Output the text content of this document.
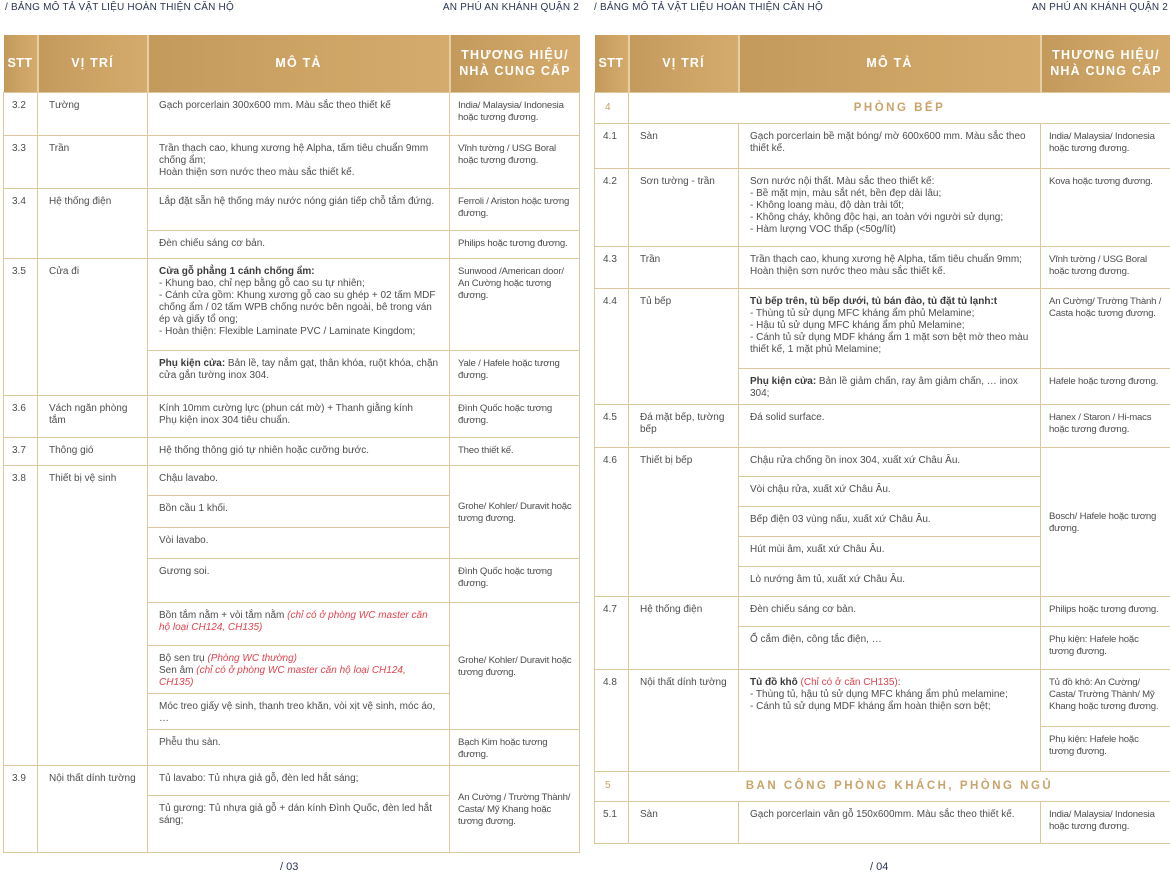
/ BẢNG MÔ TẢ VẬT LIỆU HOÀN THIỆN CĂN HỘ	AN PHÚ AN KHÁNH QUẬN 2
STT	VỊ TRÍ	MÔ TẢ	THƯƠNG HIỆU/
NHÀ CUNG CẤP

3.2	Tường	Gạch porcerlain 300x600 mm. Màu sắc theo thiết kế	India/ Malaysia/ Indonesia hoặc tương đương.
3.3	Trần	Trần thạch cao, khung xương hệ Alpha, tấm tiêu chuẩn 9mm chống ẩm;
Hoàn thiện sơn nước theo màu sắc thiết kế.	Vĩnh tường / USG Boral hoặc tương đương.
3.4	Hệ thống điện	Lắp đặt sẵn hệ thống máy nước nóng gián tiếp chỗ tắm đứng.	Ferroli / Ariston hoặc tương đương.
		Đèn chiếu sáng cơ bản.	Philips hoặc tương đương.
3.5	Cửa đi	Cửa gỗ phẳng 1 cánh chống ẩm:
- Khung bao, chỉ nẹp bằng gỗ cao su tự nhiên;
- Cánh cửa gồm: Khung xương gỗ cao su ghép + 02 tấm MDF chống ẩm / 02 tấm WPB chống nước bên ngoài, bê trong ván ép và giấy tổ ong;
- Hoàn thiện: Flexible Laminate PVC / Laminate Kingdom;	Sunwood /American door/ An Cường hoặc tương đương.
		Phụ kiện cửa: Bản lề, tay nắm gạt, thân khóa, ruột khóa, chặn cửa gắn tường inox 304.	Yale / Hafele hoặc tương đương.
3.6	Vách ngăn phòng tắm	Kính 10mm cường lực (phun cát mờ) + Thanh giằng kính
Phụ kiện inox 304 tiêu chuẩn.	Đình Quốc hoặc tương đương.
3.7	Thông gió	Hệ thống thông gió tự nhiên hoặc cưỡng bước.	Theo thiết kế.
3.8	Thiết bị vệ sinh	Chậu lavabo.	Grohe/ Kohler/ Duravit hoặc tương đương.
		Bồn cầu 1 khối.	
		Vòi lavabo.	
		Gương soi.	Đình Quốc hoặc tương đương.
		Bồn tắm nằm + vòi tắm nằm (chỉ có ở phòng WC master căn hộ loại CH124, CH135)	Grohe/ Kohler/ Duravit hoặc tương đương.

		Bộ sen trụ (Phòng WC thường)
Sen âm (chỉ có ở phòng WC master căn hộ loại CH124, CH135)	

		Móc treo giấy vệ sinh, thanh treo khăn, vòi xịt vệ sinh, móc áo, …	
		Phễu thu sàn.	Bạch Kim hoặc tương đương.
3.9	Nội thất dính tường	Tủ lavabo: Tủ nhựa giả gỗ, đèn led hắt sáng;	An Cường / Trường Thành/ Casta/ Mỹ Khang hoặc tương đương.
		Tủ gương: Tủ nhựa giả gỗ + dán kính Đình Quốc, đèn led hắt sáng;	
/ 03
/ BẢNG MÔ TẢ VẬT LIỆU HOÀN THIỆN CĂN HỘ	AN PHÚ AN KHÁNH QUẬN 2
STT	VỊ TRÍ	MÔ TẢ	THƯƠNG HIỆU/
NHÀ CUNG CẤP

4	PHÒNG BẾP		
4.1	Sàn	Gạch porcerlain bề mặt bóng/ mờ 600x600 mm. Màu sắc theo thiết kế.	India/ Malaysia/ Indonesia hoặc tương đương.
4.2	Sơn tường - trần	Sơn nước nội thất. Màu sắc theo thiết kế:
- Bề mặt mịn, màu sắt nét, bền đẹp dài lâu;
- Không loang màu, độ dàn trải tốt;
- Không cháy, không độc hại, an toàn với người sử dụng;
- Hàm lượng VOC thấp (<50g/lít)	Kova hoặc tương đương.
4.3	Trần	Trần thạch cao, khung xương hệ Alpha, tấm tiêu chuẩn 9mm;
Hoàn thiện sơn nước theo màu sắc thiết kế.	Vĩnh tường / USG Boral hoặc tương đương.
4.4	Tủ bếp	Tủ bếp trên, tủ bếp dưới, tủ bán đảo, tủ đặt tủ lạnh:t
- Thùng tủ sử dụng MFC kháng ẩm phủ Melamine;
- Hậu tủ sử dụng MFC kháng ẩm phủ Melamine;
- Cánh tủ sử dụng MDF kháng ẩm 1 mặt sơn bệt mờ theo màu thiết kế, 1 mặt phủ Melamine;	An Cường/ Trường Thành / Casta hoặc tương đương.
		Phụ kiện cửa: Bản lề giảm chấn, ray âm giảm chấn, … inox 304;	Hafele hoặc tương đương.
4.5	Đá mặt bếp, tường bếp	Đá solid surface.	Hanex / Staron / Hi-macs hoặc tương đương.
4.6	Thiết bị bếp	Chậu rửa chống ồn inox 304, xuất xứ Châu Âu.	Bosch/ Hafele hoặc tương đương.
		Vòi chậu rửa, xuất xứ Châu Âu.	
		Bếp điện 03 vùng nấu, xuất xứ Châu Âu.	
		Hút mùi âm, xuất xứ Châu Âu.	
		Lò nướng âm tủ, xuất xứ Châu Âu.	
4.7	Hệ thống điện	Đèn chiếu sáng cơ bản.	Philips hoặc tương đương.
		Ổ cắm điện, công tắc điện, …	Phụ kiện: Hafele hoặc tương đương.
4.8	Nội thất dính tường	Tủ đồ khô (Chỉ có ở căn CH135):
- Thùng tủ, hậu tủ sử dụng MFC kháng ẩm phủ melamine;
- Cánh tủ sử dụng MDF kháng ẩm hoàn thiện sơn bệt;	Tủ đồ khô: An Cường/ Casta/ Trường Thành/ Mỹ Khang hoặc tương đương.
			Phụ kiện: Hafele hoặc tương đương.
5	BAN CÔNG PHÒNG KHÁCH, PHÒNG NGỦ		
5.1	Sàn	Gạch porcerlain vân gỗ 150x600mm. Màu sắc theo thiết kế.	India/ Malaysia/ Indonesia hoặc tương đương.
/ 04
